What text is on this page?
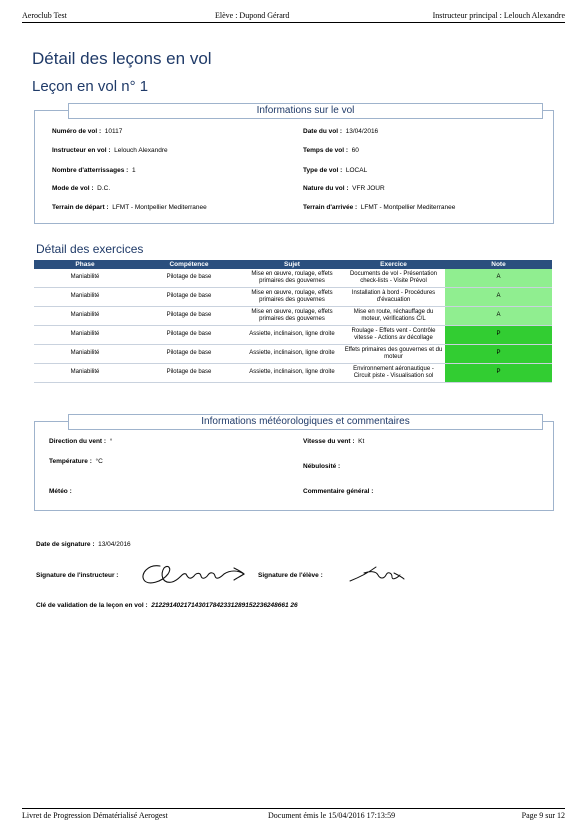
Aeroclub Test	Elève : Dupond Gérard	Instructeur principal : Lelouch Alexandre
Détail des leçons en vol
Leçon en vol n° 1
Informations sur le vol
Numéro de vol : 10117
Instructeur en vol : Lelouch Alexandre
Nombre d'atterrissages : 1
Mode de vol : D.C.
Terrain de départ : LFMT - Montpellier Mediterranee
Date du vol : 13/04/2016
Temps de vol : 60
Type de vol : LOCAL
Nature du vol : VFR JOUR
Terrain d'arrivée : LFMT - Montpellier Mediterranee
Détail des exercices
Phase	Compétence	Sujet	Exercice	Note
Maniabilité	Pilotage de base	Mise en œuvre, roulage, effets primaires des gouvernes	Documents de vol - Présentation check-lists - Visite Prévol	A
Maniabilité	Pilotage de base	Mise en œuvre, roulage, effets primaires des gouvernes	Installation à bord - Procédures d'évacuation	A
Maniabilité	Pilotage de base	Mise en œuvre, roulage, effets primaires des gouvernes	Mise en route, réchauffage du moteur, vérifications C/L	A
Maniabilité	Pilotage de base	Assiette, inclinaison, ligne droite	Roulage - Effets vent - Contrôle vitesse - Actions av décollage	P
Maniabilité	Pilotage de base	Assiette, inclinaison, ligne droite	Effets primaires des gouvernes et du moteur	P
Maniabilité	Pilotage de base	Assiette, inclinaison, ligne droite	Environnement aéronautique - Circuit piste - Visualisation sol	P
Informations météorologiques et commentaires
Direction du vent : °	Vitesse du vent : Kt
Température : °C
Nébulosité :
Météo :	Commentaire général :
Date de signature : 13/04/2016
Signature de l'instructeur :	Signature de l'élève :
Clé de validation de la leçon en vol : 21229140217143017842331289152236248661 26
Livret de Progression Dématérialisé Aerogest	Document émis le 15/04/2016 17:13:59	Page 9 sur 12
